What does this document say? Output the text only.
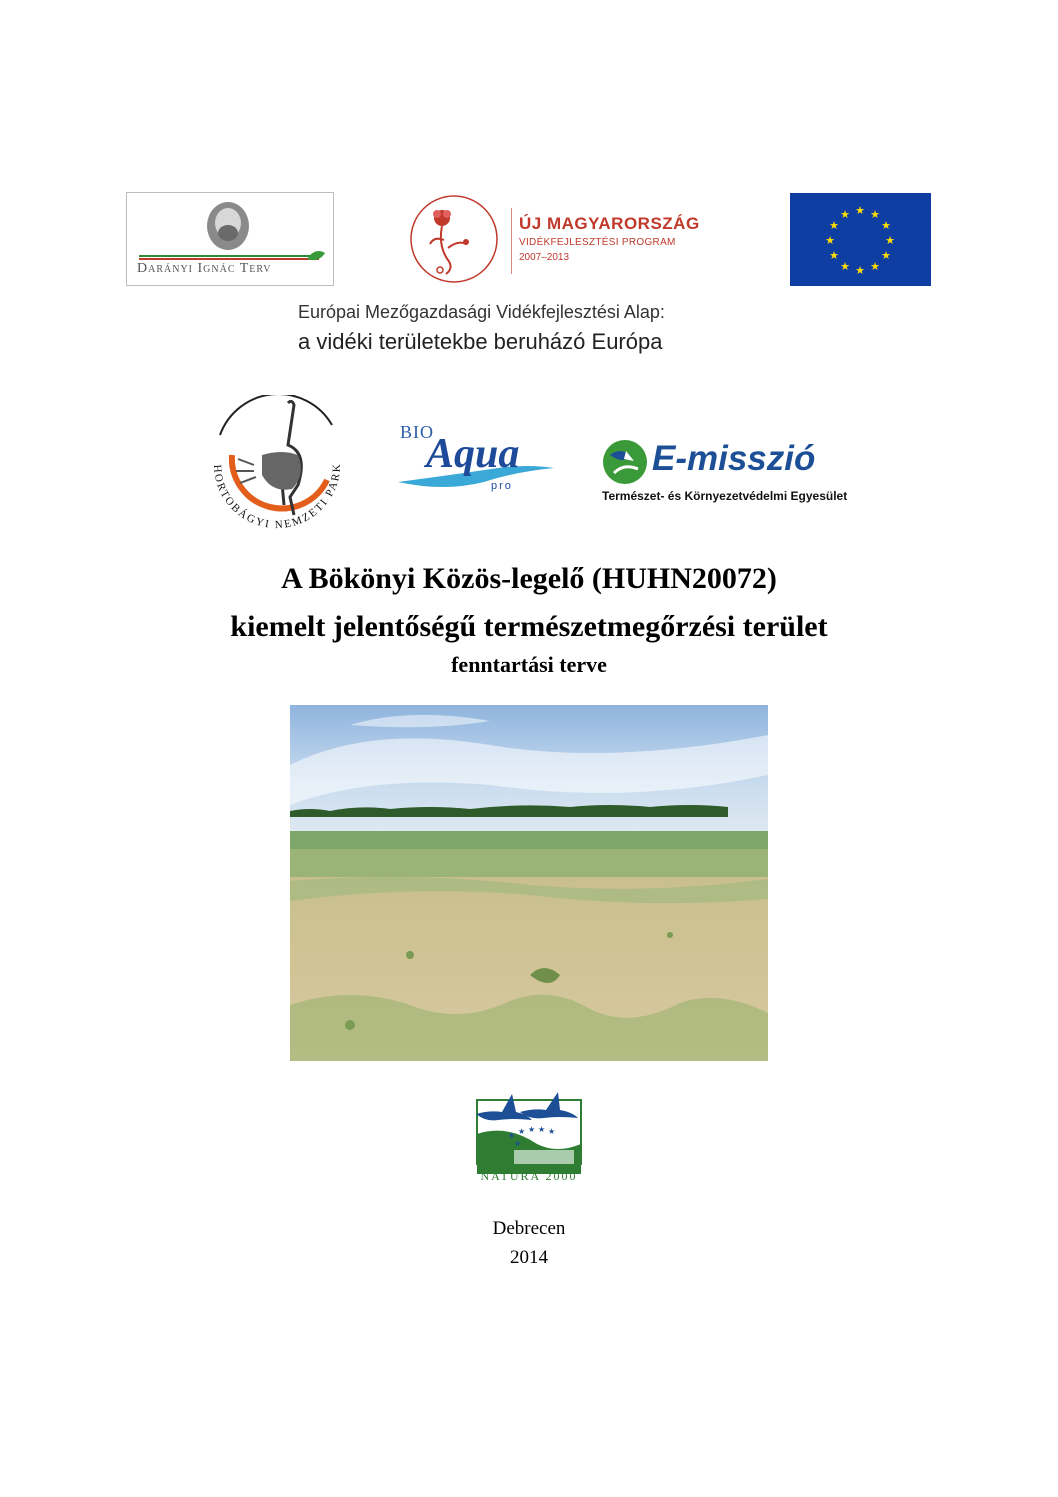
Darányi Ignác Terv
ÚJ MAGYARORSZÁG
VIDÉKFEJLESZTÉSI PROGRAM
2007–2013
★ ★
★
★
★
★
★
★
★
★
★
★
Európai Mezőgazdasági Vidékfejlesztési Alap:
a vidéki területekbe beruházó Európa
HORTOBÁGYI NEMZETI PARK
BIO
Aqua
pro
E-misszió
Természet- és Környezetvédelmi Egyesület
A Bökönyi Közös-legelő (HUHN20072)
kiemelt jelentőségű természetmegőrzési terület
fenntartási terve
★ ★ ★ ★ ★
★
NATURA 2000
Debrecen
2014
